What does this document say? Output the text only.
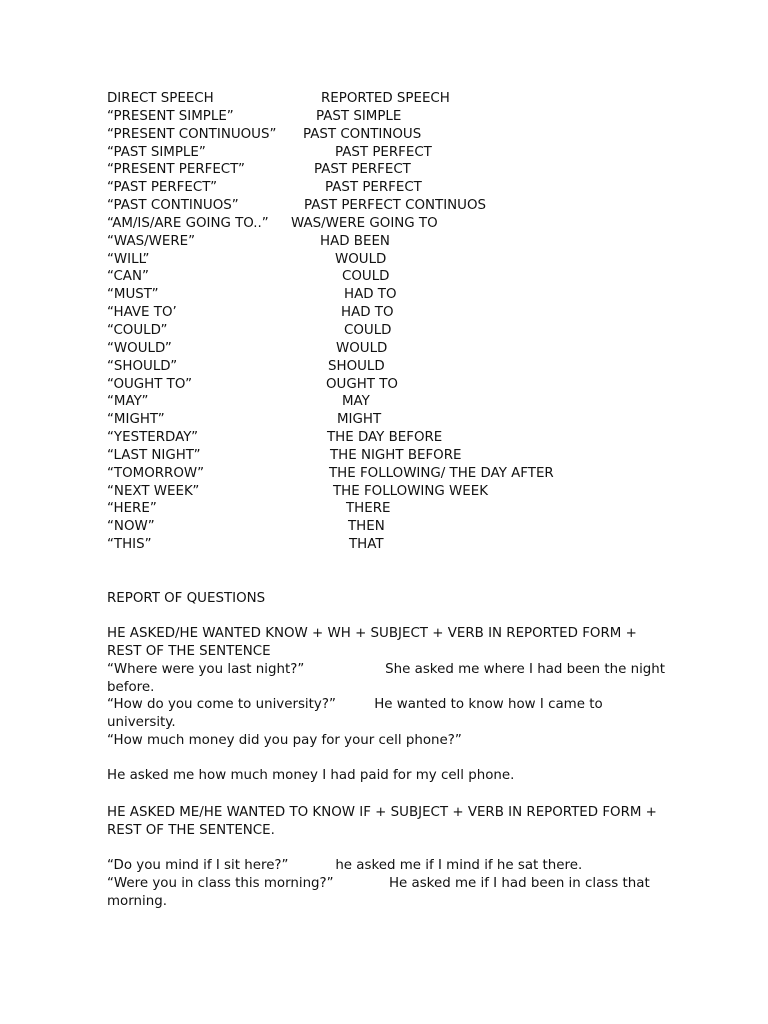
DIRECT SPEECH	REPORTED SPEECH
“PRESENT SIMPLE”	PAST SIMPLE
“PRESENT CONTINUOUS” PAST CONTINOUS
“PAST SIMPLE”	PAST PERFECT
“PRESENT PERFECT”	PAST PERFECT
“PAST PERFECT”	PAST PERFECT
“PAST CONTINUOS”	PAST PERFECT CONTINUOS
“AM/IS/ARE GOING TO..” WAS/WERE GOING TO
“WAS/WERE”	HAD BEEN
“WILL”	WOULD
“CAN”	COULD
“MUST”	HAD TO
“HAVE TO’	HAD TO
“COULD”	COULD
“WOULD”	WOULD
“SHOULD”	SHOULD
“OUGHT TO”	OUGHT TO
“MAY”	MAY
“MIGHT”	MIGHT
“YESTERDAY”	THE DAY BEFORE
“LAST NIGHT”	THE NIGHT BEFORE
“TOMORROW”	THE FOLLOWING/ THE DAY AFTER
“NEXT WEEK”	THE FOLLOWING WEEK
“HERE”	THERE
“NOW”	THEN
“THIS”	THAT
REPORT OF QUESTIONS
HE ASKED/HE WANTED KNOW + WH + SUBJECT + VERB IN REPORTED FORM + REST OF THE SENTENCE
“Where were you last night?”	She asked me where I had been the night before.
“How do you come to university?”	He wanted to know how I came to university.
“How much money did you pay for your cell phone?”
He asked me how much money I had paid for my cell phone.
HE ASKED ME/HE WANTED TO KNOW IF + SUBJECT + VERB IN REPORTED FORM + REST OF THE SENTENCE.
“Do you mind if I sit here?”	he asked me if I mind if he sat there.
“Were you in class this morning?”	He asked me if I had been in class that morning.
